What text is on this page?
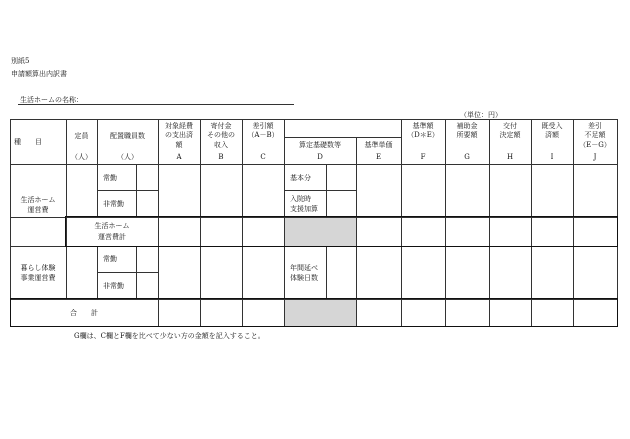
別紙5
申請額算出内訳書
生活ホームの名称：
（単位：円）
種　　目
定員
（人）
配置職員数
（人）
対象経費
の支出済
額
A
寄付金
その他の
収入
B
差引額
（A－B）
C
算定基礎数等
D
基準単価
E
基準額
（D＊E）
F
補助金
所要額
G
交付
決定額
H
既受入
済額
I
差引
不足額
（E－G）
J
生活ホーム
運営費
常勤
非常勤
基本分
入院時
支援加算
生活ホーム
運営費計
暮らし体験
事業運営費
常勤
非常勤
年間延べ
体験日数
合　　計
G欄は、C欄とF欄を比べて少ない方の金額を記入すること。
